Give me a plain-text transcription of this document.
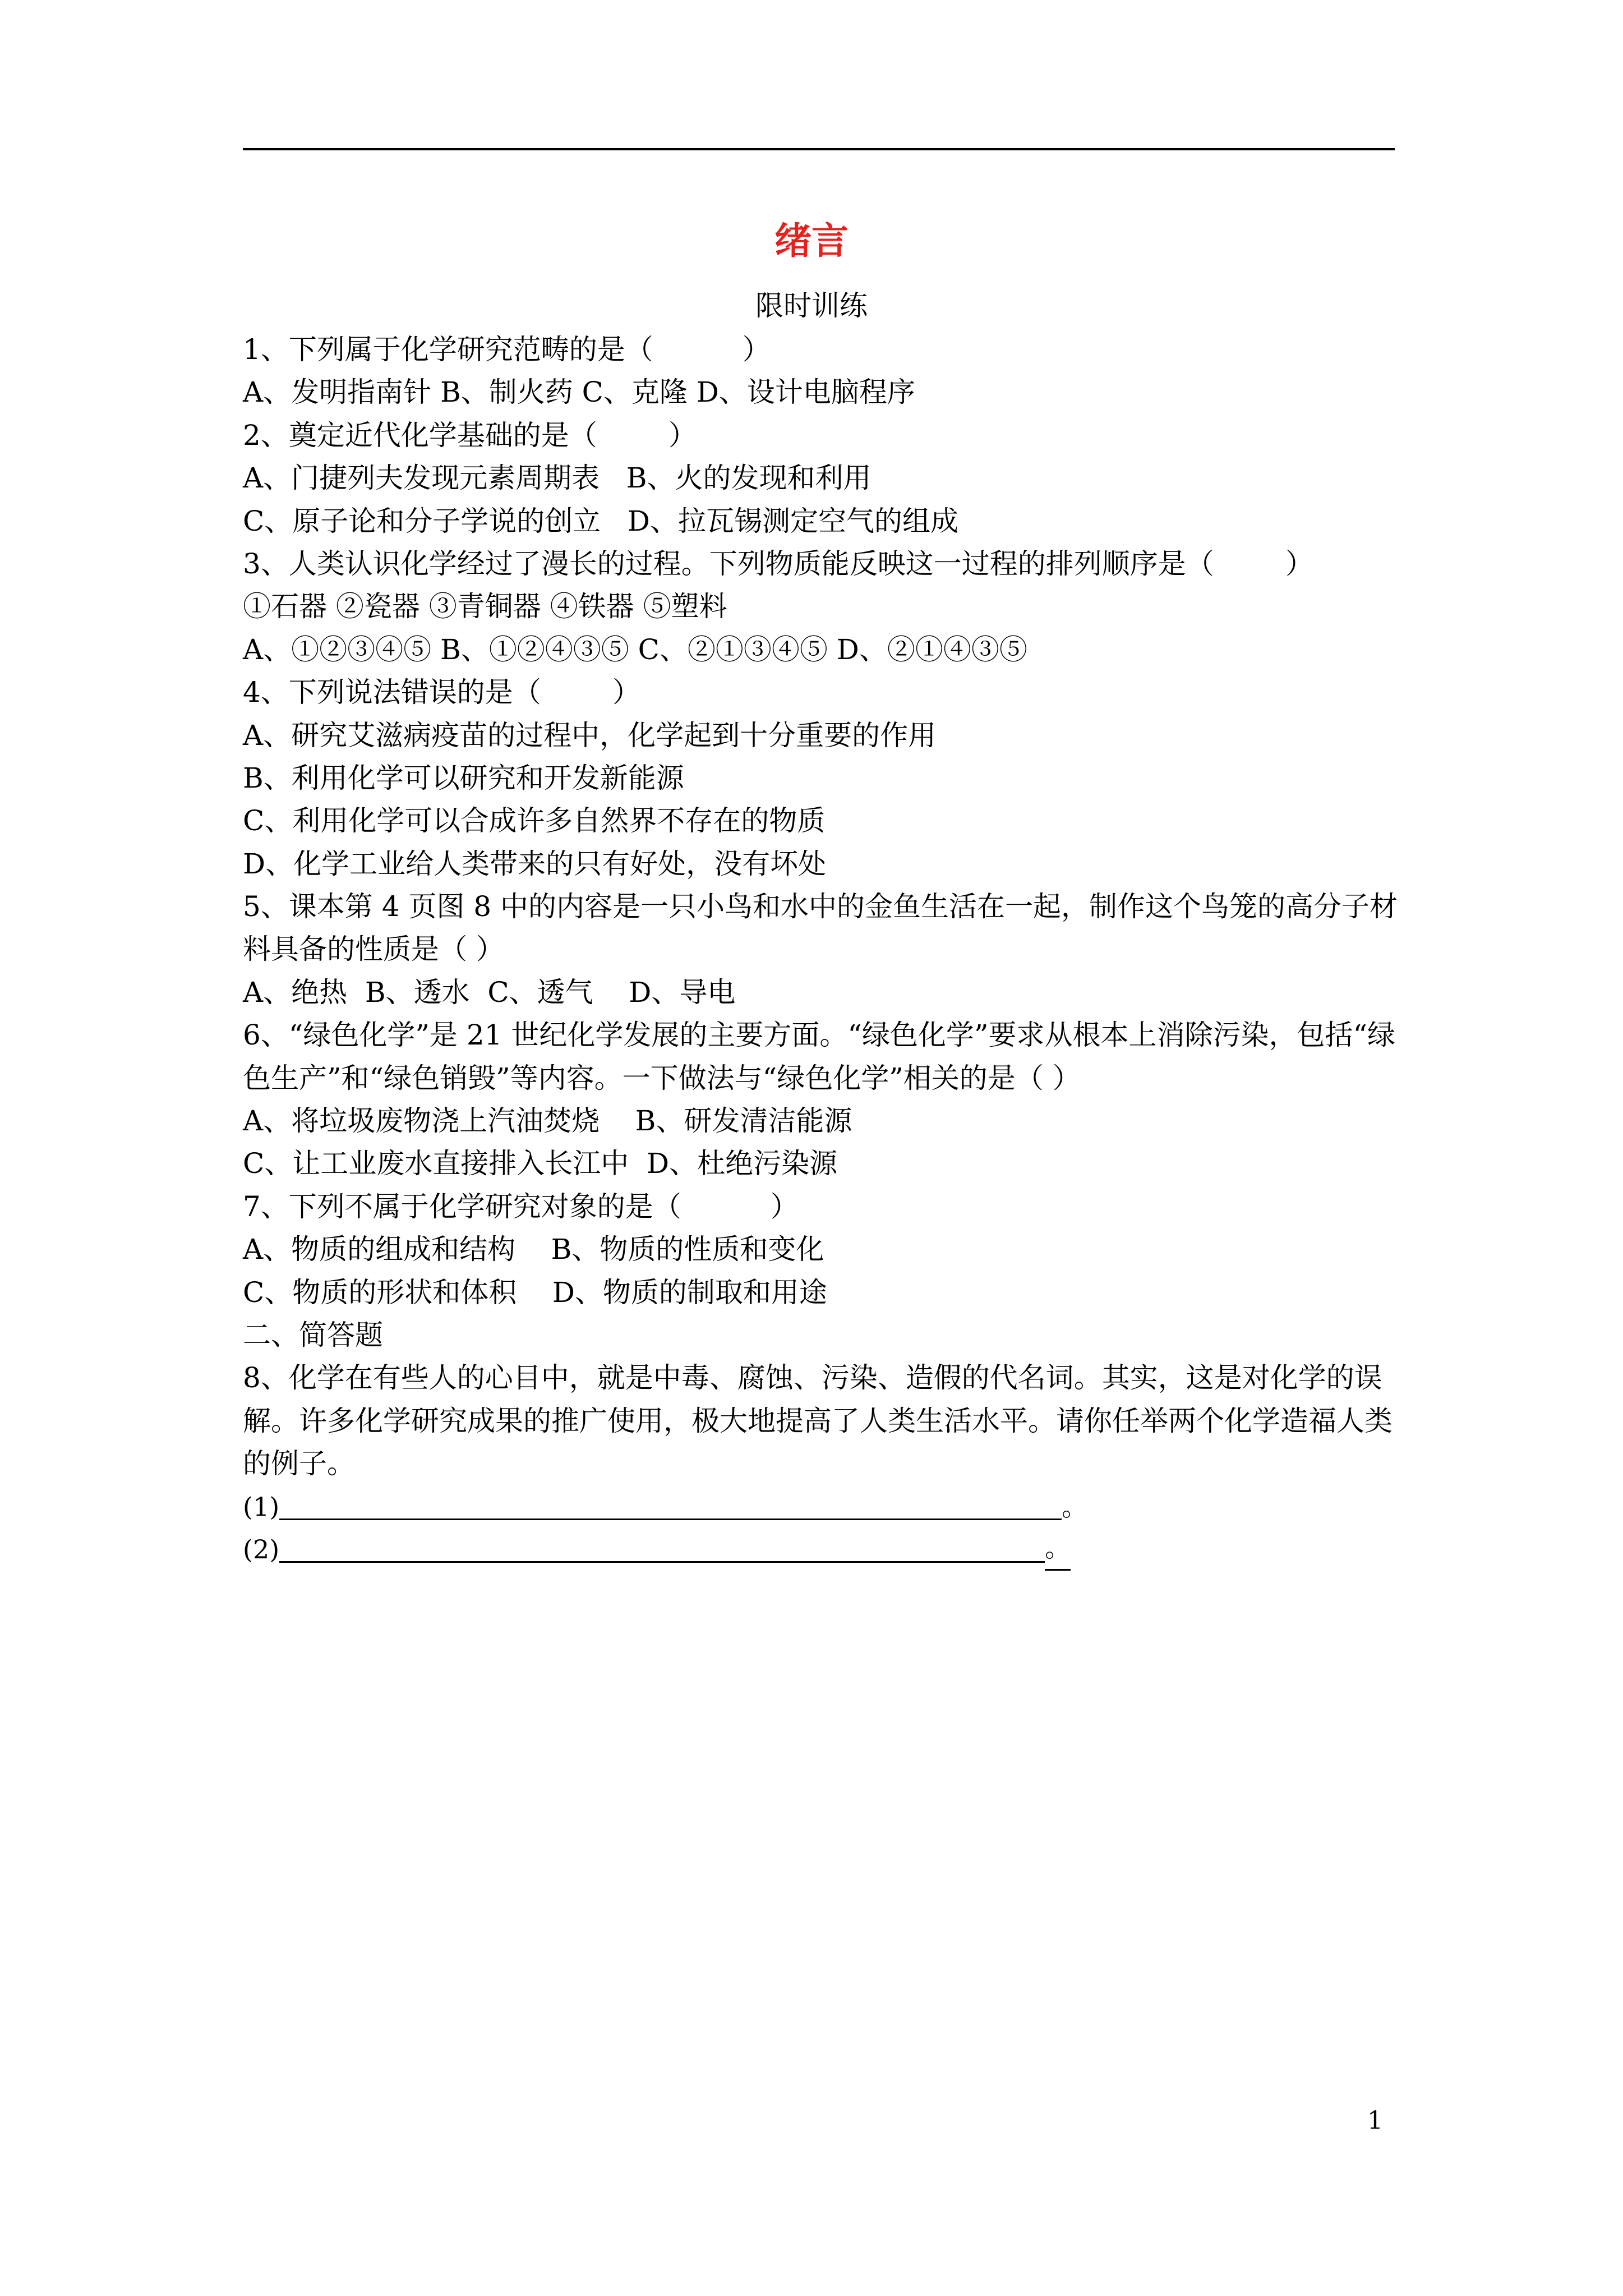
绪言
限时训练
1、下列属于化学研究范畴的是（          ）
A、发明指南针 B、制火药 C、克隆 D、设计电脑程序
2、奠定近代化学基础的是（        ）
A、门捷列夫发现元素周期表   B、火的发现和利用
C、原子论和分子学说的创立   D、拉瓦锡测定空气的组成
3、人类认识化学经过了漫长的过程。下列物质能反映这一过程的排列顺序是（        ）
①石器 ②瓷器 ③青铜器 ④铁器 ⑤塑料
A、①②③④⑤ B、①②④③⑤ C、②①③④⑤ D、②①④③⑤
4、下列说法错误的是（        ）
A、研究艾滋病疫苗的过程中，化学起到十分重要的作用
B、利用化学可以研究和开发新能源
C、利用化学可以合成许多自然界不存在的物质
D、化学工业给人类带来的只有好处，没有坏处
5、课本第 4 页图 8 中的内容是一只小鸟和水中的金鱼生活在一起，制作这个鸟笼的高分子材料具备的性质是（ ）
A、绝热  B、透水  C、透气    D、导电
6、“绿色化学”是 21 世纪化学发展的主要方面。“绿色化学”要求从根本上消除污染，包括“绿色生产”和“绿色销毁”等内容。一下做法与“绿色化学”相关的是（ ）
A、将垃圾废物浇上汽油焚烧    B、研发清洁能源
C、让工业废水直接排入长江中  D、杜绝污染源
7、下列不属于化学研究对象的是（          ）
A、物质的组成和结构    B、物质的性质和变化
C、物质的形状和体积    D、物质的制取和用途
二、简答题
8、化学在有些人的心目中，就是中毒、腐蚀、污染、造假的代名词。其实，这是对化学的误解。许多化学研究成果的推广使用，极大地提高了人类生活水平。请你任举两个化学造福人类的例子。
(1)	。
(2)	。
1
